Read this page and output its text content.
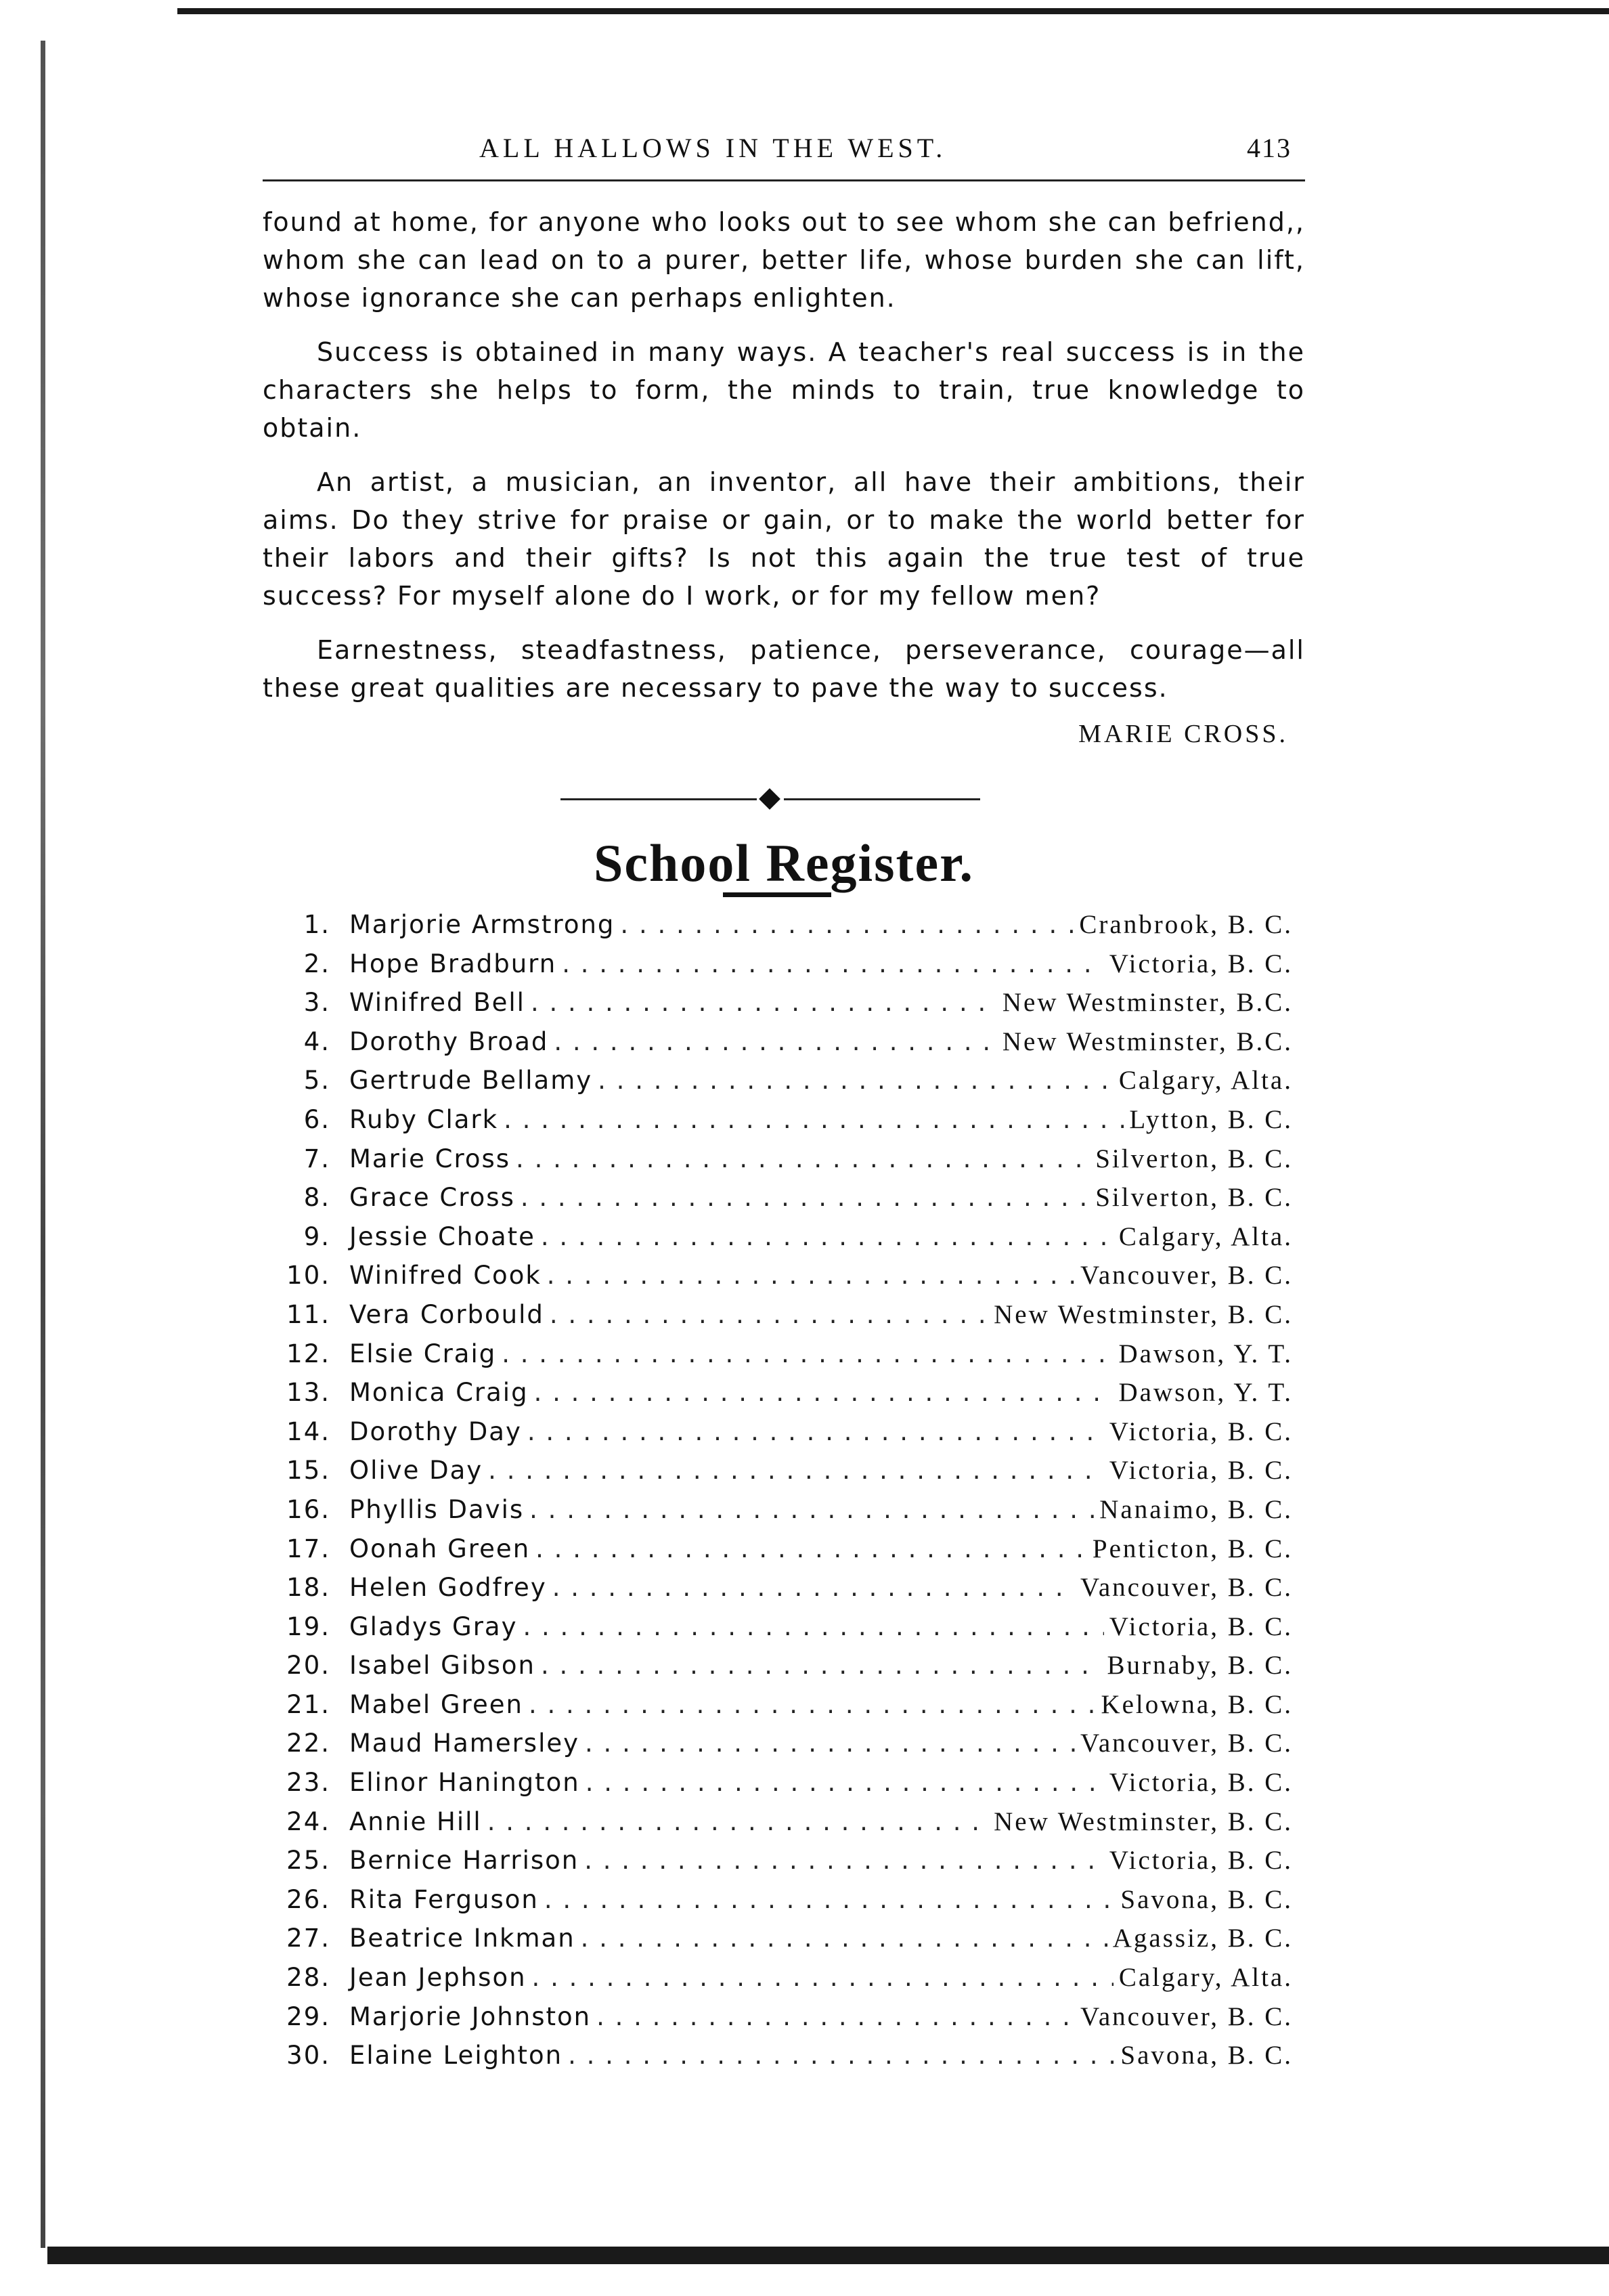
ALL HALLOWS IN THE WEST.	413

found at home, for anyone who looks out to see whom she can befriend,, whom she can lead on to a purer, better life, whose burden she can lift, whose ignorance she can perhaps enlighten.

Success is obtained in many ways. A teacher's real success is in the characters she helps to form, the minds to train, true knowledge to obtain.

An artist, a musician, an inventor, all have their ambitions, their aims. Do they strive for praise or gain, or to make the world better for their labors and their gifts? Is not this again the true test of true success? For myself alone do I work, or for my fellow men?

Earnestness, steadfastness, patience, perseverance, courage—all these great qualities are necessary to pave the way to success.

MARIE CROSS.
School Register.
1. Marjorie Armstrong . . .	Cranbrook, B. C.
2. Hope Bradburn . . .	Victoria, B. C.
3. Winifred Bell . . .	New Westminster, B.C.
4. Dorothy Broad . . .	New Westminster, B.C.
5. Gertrude Bellamy . . .	Calgary, Alta.
6. Ruby Clark . . .	Lytton, B. C.
7. Marie Cross . . .	Silverton, B. C.
8. Grace Cross . . .	Silverton, B. C.
9. Jessie Choate . . .	Calgary, Alta.
10. Winifred Cook . . .	Vancouver, B. C.
11. Vera Corbould . . .	New Westminster, B. C.
12. Elsie Craig . . .	Dawson, Y. T.
13. Monica Craig . . .	Dawson, Y. T.
14. Dorothy Day . . .	Victoria, B. C.
15. Olive Day . . .	Victoria, B. C.
16. Phyllis Davis . . .	Nanaimo, B. C.
17. Oonah Green . . .	Penticton, B. C.
18. Helen Godfrey . . .	Vancouver, B. C.
19. Gladys Gray . . .	Victoria, B. C.
20. Isabel Gibson . . .	Burnaby, B. C.
21. Mabel Green . . .	Kelowna, B. C.
22. Maud Hamersley . . .	Vancouver, B. C.
23. Elinor Hanington . . .	Victoria, B. C.
24. Annie Hill . . .	New Westminster, B. C.
25. Bernice Harrison . . .	Victoria, B. C.
26. Rita Ferguson . . .	Savona, B. C.
27. Beatrice Inkman . . .	Agassiz, B. C.
28. Jean Jephson . . .	Calgary, Alta.
29. Marjorie Johnston . . .	Vancouver, B. C.
30. Elaine Leighton . . .	Savona, B. C.
